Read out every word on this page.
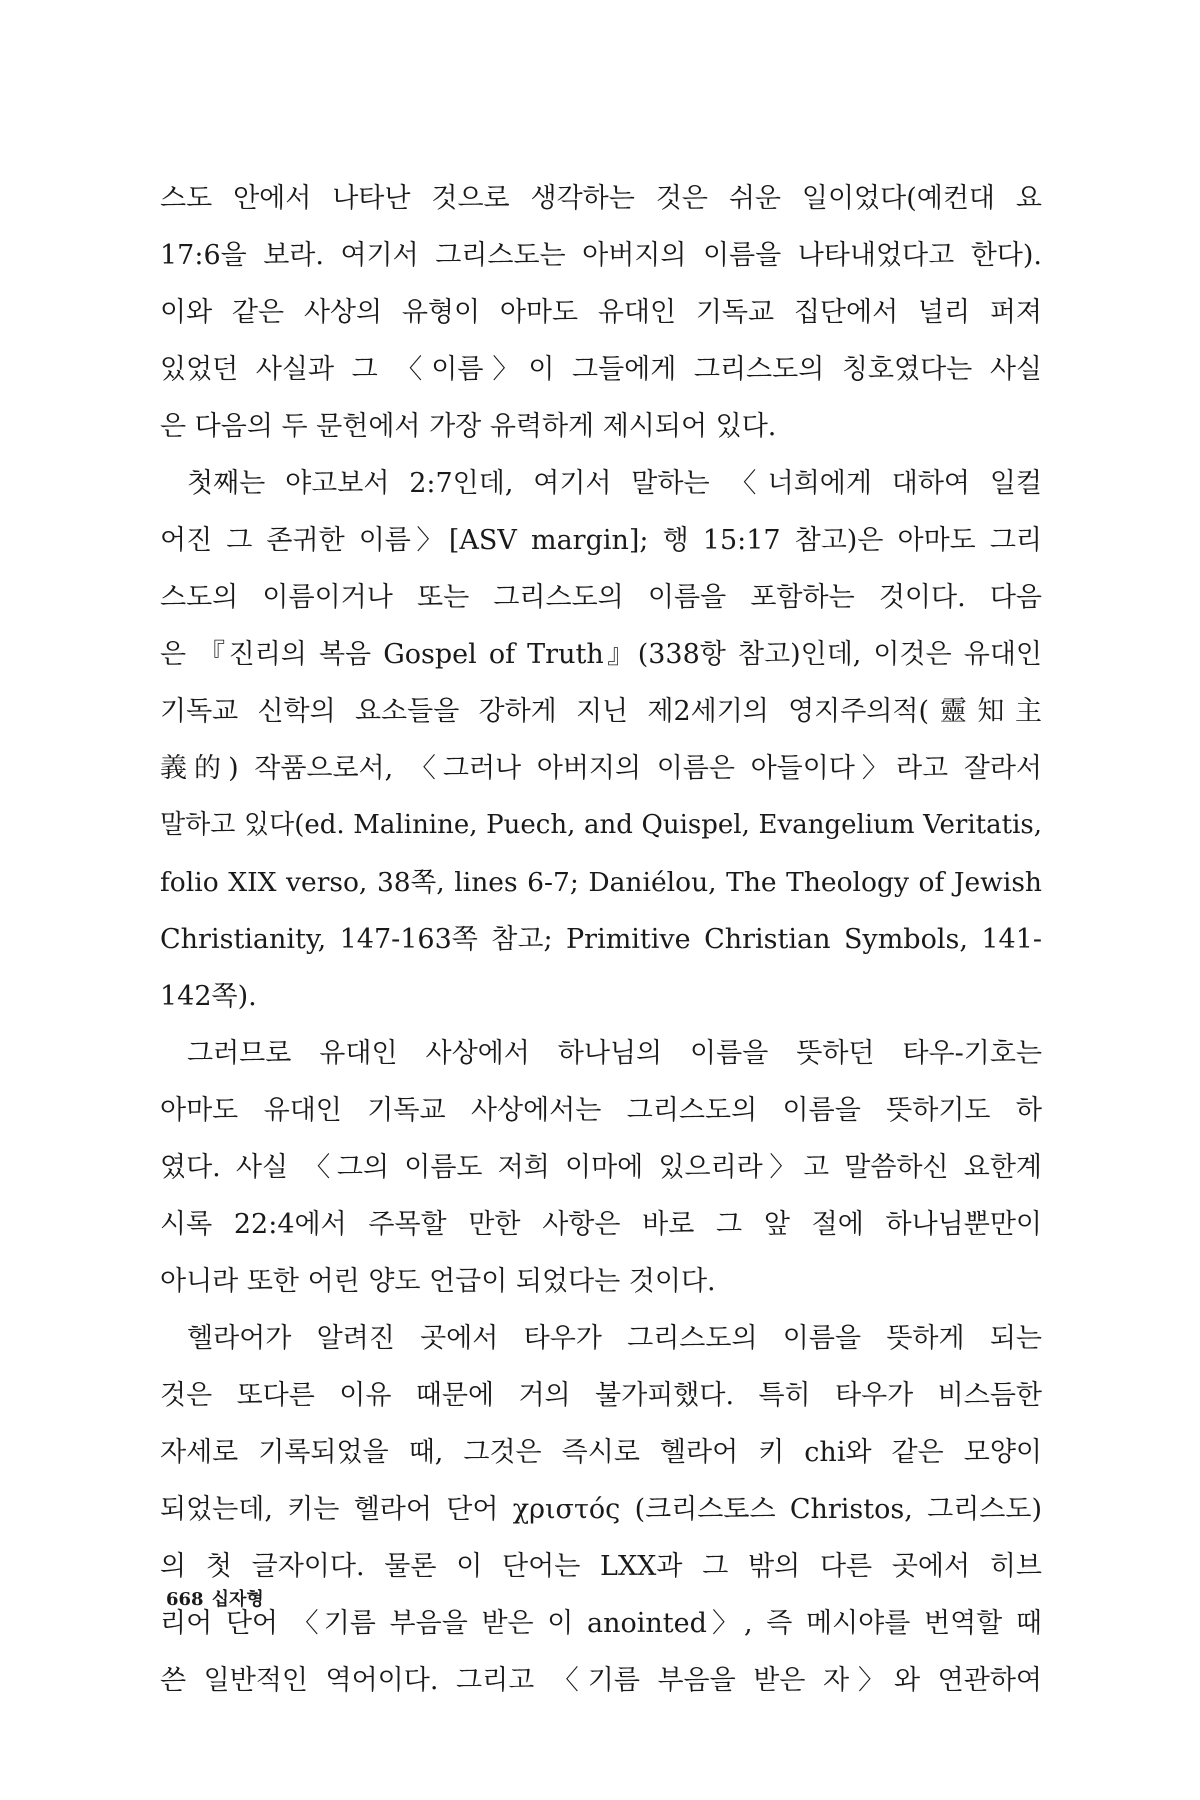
스도 안에서 나타난 것으로 생각하는 것은 쉬운 일이었다(예컨대 요
17:6을 보라. 여기서 그리스도는 아버지의 이름을 나타내었다고 한다).
이와 같은 사상의 유형이 아마도 유대인 기독교 집단에서 널리 퍼져
있었던 사실과 그 〈이름〉이 그들에게 그리스도의 칭호였다는 사실
은 다음의 두 문헌에서 가장 유력하게 제시되어 있다.
첫째는 야고보서 2:7인데, 여기서 말하는 〈너희에게 대하여 일컬
어진 그 존귀한 이름〉[ASV margin]; 행 15:17 참고)은 아마도 그리
스도의 이름이거나 또는 그리스도의 이름을 포함하는 것이다. 다음
은 『진리의 복음 Gospel of Truth』(338항 참고)인데, 이것은 유대인
기독교 신학의 요소들을 강하게 지닌 제2세기의 영지주의적(靈知主
義的) 작품으로서, 〈그러나 아버지의 이름은 아들이다〉라고 잘라서
말하고 있다(ed. Malinine, Puech, and Quispel, Evangelium Veritatis,
folio XIX verso, 38쪽, lines 6-7; Daniélou, The Theology of Jewish
Christianity, 147-163쪽 참고; Primitive Christian Symbols, 141-
142쪽).
그러므로 유대인 사상에서 하나님의 이름을 뜻하던 타우-기호는
아마도 유대인 기독교 사상에서는 그리스도의 이름을 뜻하기도 하
였다. 사실 〈그의 이름도 저희 이마에 있으리라〉고 말씀하신 요한계
시록 22:4에서 주목할 만한 사항은 바로 그 앞 절에 하나님뿐만이
아니라 또한 어린 양도 언급이 되었다는 것이다.
헬라어가 알려진 곳에서 타우가 그리스도의 이름을 뜻하게 되는
것은 또다른 이유 때문에 거의 불가피했다. 특히 타우가 비스듬한
자세로 기록되었을 때, 그것은 즉시로 헬라어 키 chi와 같은 모양이
되었는데, 키는 헬라어 단어 χριστός (크리스토스 Christos, 그리스도)
의 첫 글자이다. 물론 이 단어는 LXX과 그 밖의 다른 곳에서 히브
리어 단어 〈기름 부음을 받은 이 anointed〉, 즉 메시야를 번역할 때
쓴 일반적인 역어이다. 그리고 〈기름 부음을 받은 자〉와 연관하여
668 십자형
